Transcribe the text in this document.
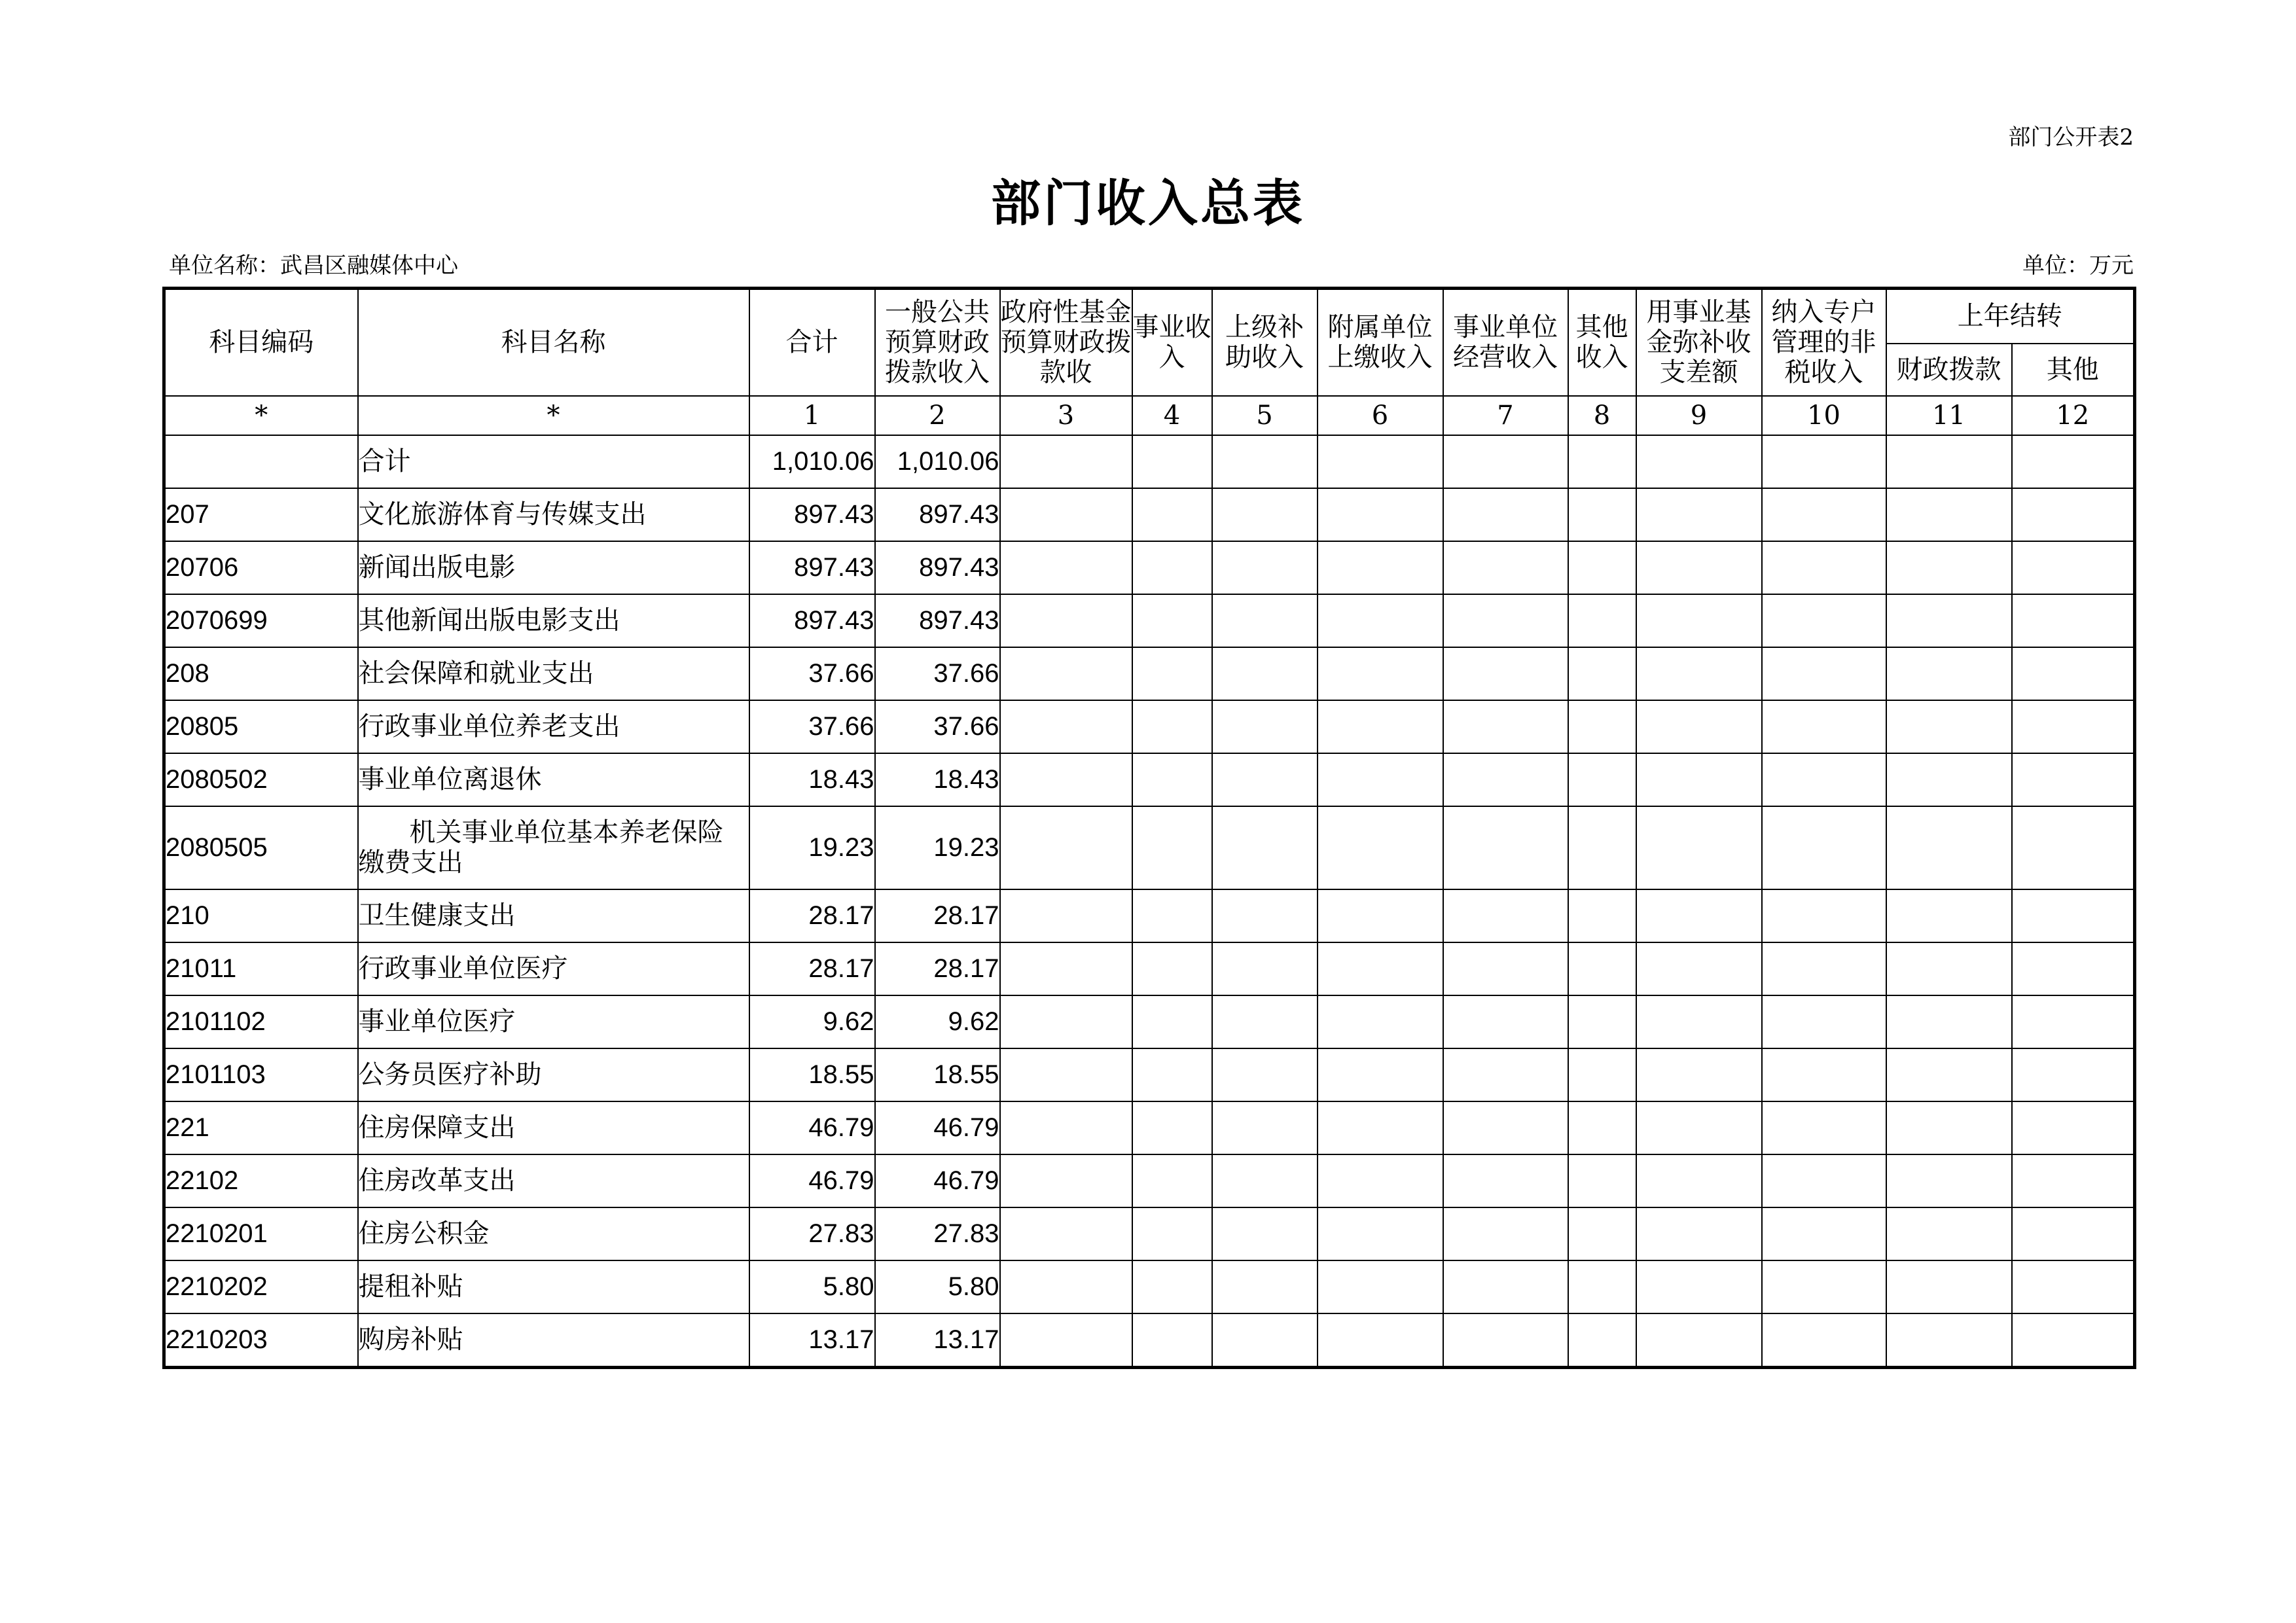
部门公开表2
部门收入总表
单位名称：武昌区融媒体中心	单位：万元
科目编码	科目名称	合计	一般公共预算财政拨款收入	政府性基金预算财政拨款收	事业收入	上级补助收入	附属单位上缴收入	事业单位经营收入	其他收入	用事业基金弥补收支差额	纳入专户管理的非税收入	上年结转	
												财政拨款	其他
*	*	1	2	3	4	5	6	7	8	9	10	11	12
	合计	1,010.06	1,010.06										
207	文化旅游体育与传媒支出	897.43	897.43										
20706	新闻出版电影	897.43	897.43										
2070699	其他新闻出版电影支出	897.43	897.43										
208	社会保障和就业支出	37.66	37.66										
20805	行政事业单位养老支出	37.66	37.66										
2080502	事业单位离退休	18.43	18.43										
2080505	机关事业单位基本养老保险
缴费支出	19.23	19.23										
210	卫生健康支出	28.17	28.17										
21011	行政事业单位医疗	28.17	28.17										
2101102	事业单位医疗	9.62	9.62										
2101103	公务员医疗补助	18.55	18.55										
221	住房保障支出	46.79	46.79										
22102	住房改革支出	46.79	46.79										
2210201	住房公积金	27.83	27.83										
2210202	提租补贴	5.80	5.80										
2210203	购房补贴	13.17	13.17										
